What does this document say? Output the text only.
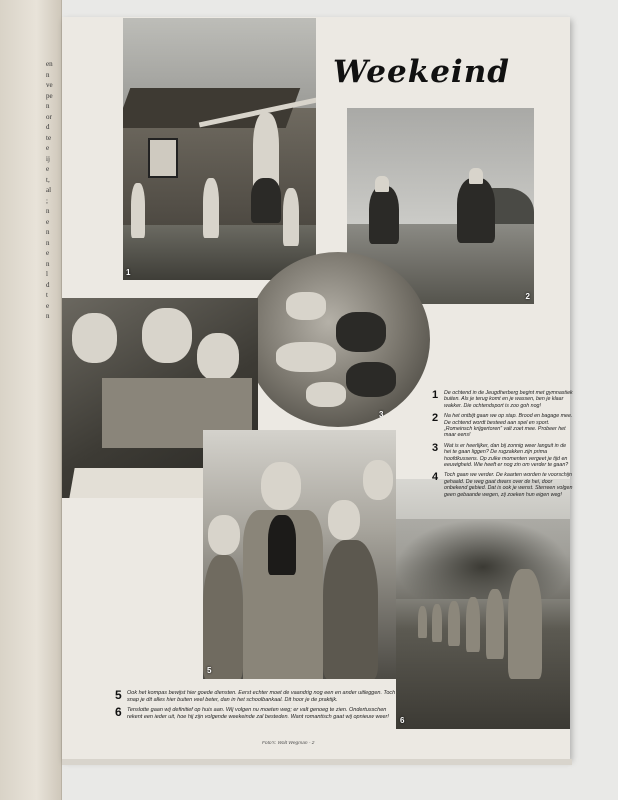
en
n
ve
pe
n
or
d
te
e
ij
e
t,
al
;
n
e
n
n
e
n
l
d
t
e
n
Weekeind
1
2
3
5
6
1 De ochtend in de Jeugdherberg begint met gymnastiek buiten. Als je terug komt en je wassen, ben je klaar wakker. Die ochtendsport is zoo goh nog!
2 Na het ontbijt gaan we op stap. Brood en bagage mee. De ochtend wordt besteed aan spel en sport. „Romeinsch krijgertoren” valt zoet mee. Probeer het maar eens!
3 Wat is er heerlijker, dan bij zonnig weer languit in de hei te gaan liggen? De rugzakken zijn prima hoofdkussens. Op zulke momenten vergeet je tijd en eeuwigheid. Wie heeft er nog zin om verder te gaan?
4 Toch gaan we verder. De kaarten worden te voorschijn gehaald. De weg gaat dwars over de hei, door onbekend gebied. Dat is ook je wenst. Sterreen volgen geen gebaande wegen, zij zoeken hun eigen weg!
5 Ook het kompas bewijst hier goede diensten. Eerst echter moet de vaandrig nog een en ander uitleggen. Toch snap je dit alles hier buiten veel beter, dan in het schoolbankaal. Dit hoor je de praktijk.
6 Tenslotte gaan wij definitief op huis aan. Wij volgen nu moeten weg; er valt genoeg te zien. Ondertusschen rekent een ieder uit, hoe hij zijn volgende weekeinde zal besteden. Want romantisch gaat wij opnieuw weer!
Foto's: Walt Wegman - 2
